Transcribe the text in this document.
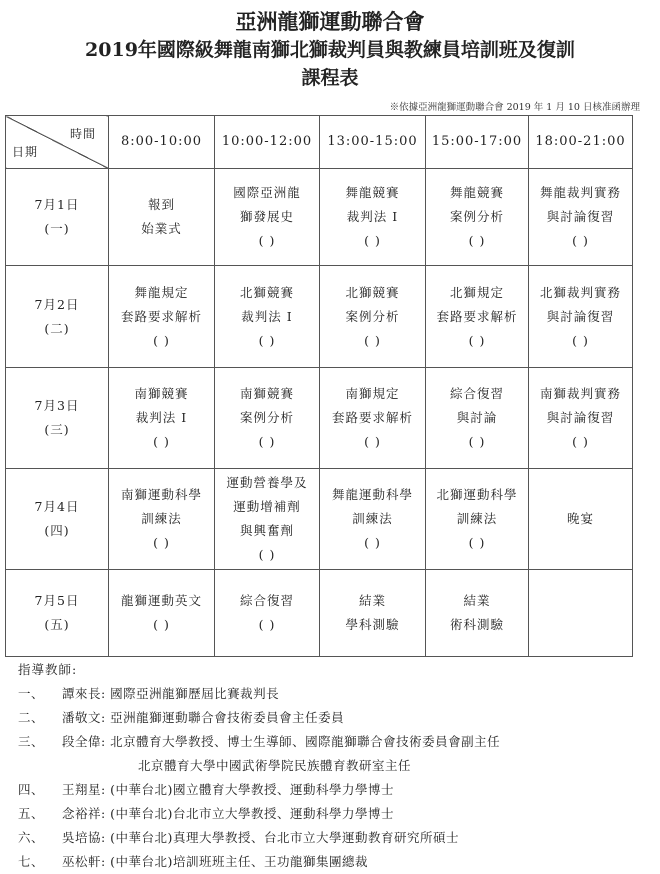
亞洲龍獅運動聯合會
2019年國際級舞龍南獅北獅裁判員與教練員培訓班及復訓
課程表
※依據亞洲龍獅運動聯合會 2019 年 1 月 10 日核准函辦理
時間
日期	8:00-10:00	10:00-12:00	13:00-15:00	15:00-17:00	18:00-21:00

7月1日
(一)	報到
始業式	國際亞洲龍
獅發展史
( )	舞龍競賽
裁判法 I
( )	舞龍競賽
案例分析
( )	舞龍裁判實務
與討論復習
( )

7月2日
(二)	舞龍規定
套路要求解析
( )	北獅競賽
裁判法 I
( )	北獅競賽
案例分析
( )	北獅規定
套路要求解析
( )	北獅裁判實務
與討論復習
( )

7月3日
(三)	南獅競賽
裁判法 I
( )	南獅競賽
案例分析
( )	南獅規定
套路要求解析
( )	綜合復習
與討論
( )	南獅裁判實務
與討論復習
( )

7月4日
(四)	南獅運動科學
訓練法
( )	運動營養學及
運動增補劑
與興奮劑
( )	舞龍運動科學
訓練法
( )	北獅運動科學
訓練法
( )	晚宴

7月5日
(五)	龍獅運動英文
( )	綜合復習
( )	結業
學科測驗	結業
術科測驗	

指導教師:
一、 譚來長: 國際亞洲龍獅歷屆比賽裁判長
二、 潘敬文: 亞洲龍獅運動聯合會技術委員會主任委員
三、 段全偉: 北京體育大學教授、博士生導師、國際龍獅聯合會技術委員會副主任
北京體育大學中國武術學院民族體育教研室主任
四、 王翔星: (中華台北)國立體育大學教授、運動科學力學博士
五、 念裕祥: (中華台北)台北市立大學教授、運動科學力學博士
六、 吳培協: (中華台北)真理大學教授、台北市立大學運動教育研究所碩士
七、 巫松軒: (中華台北)培訓班班主任、王功龍獅集團總裁
